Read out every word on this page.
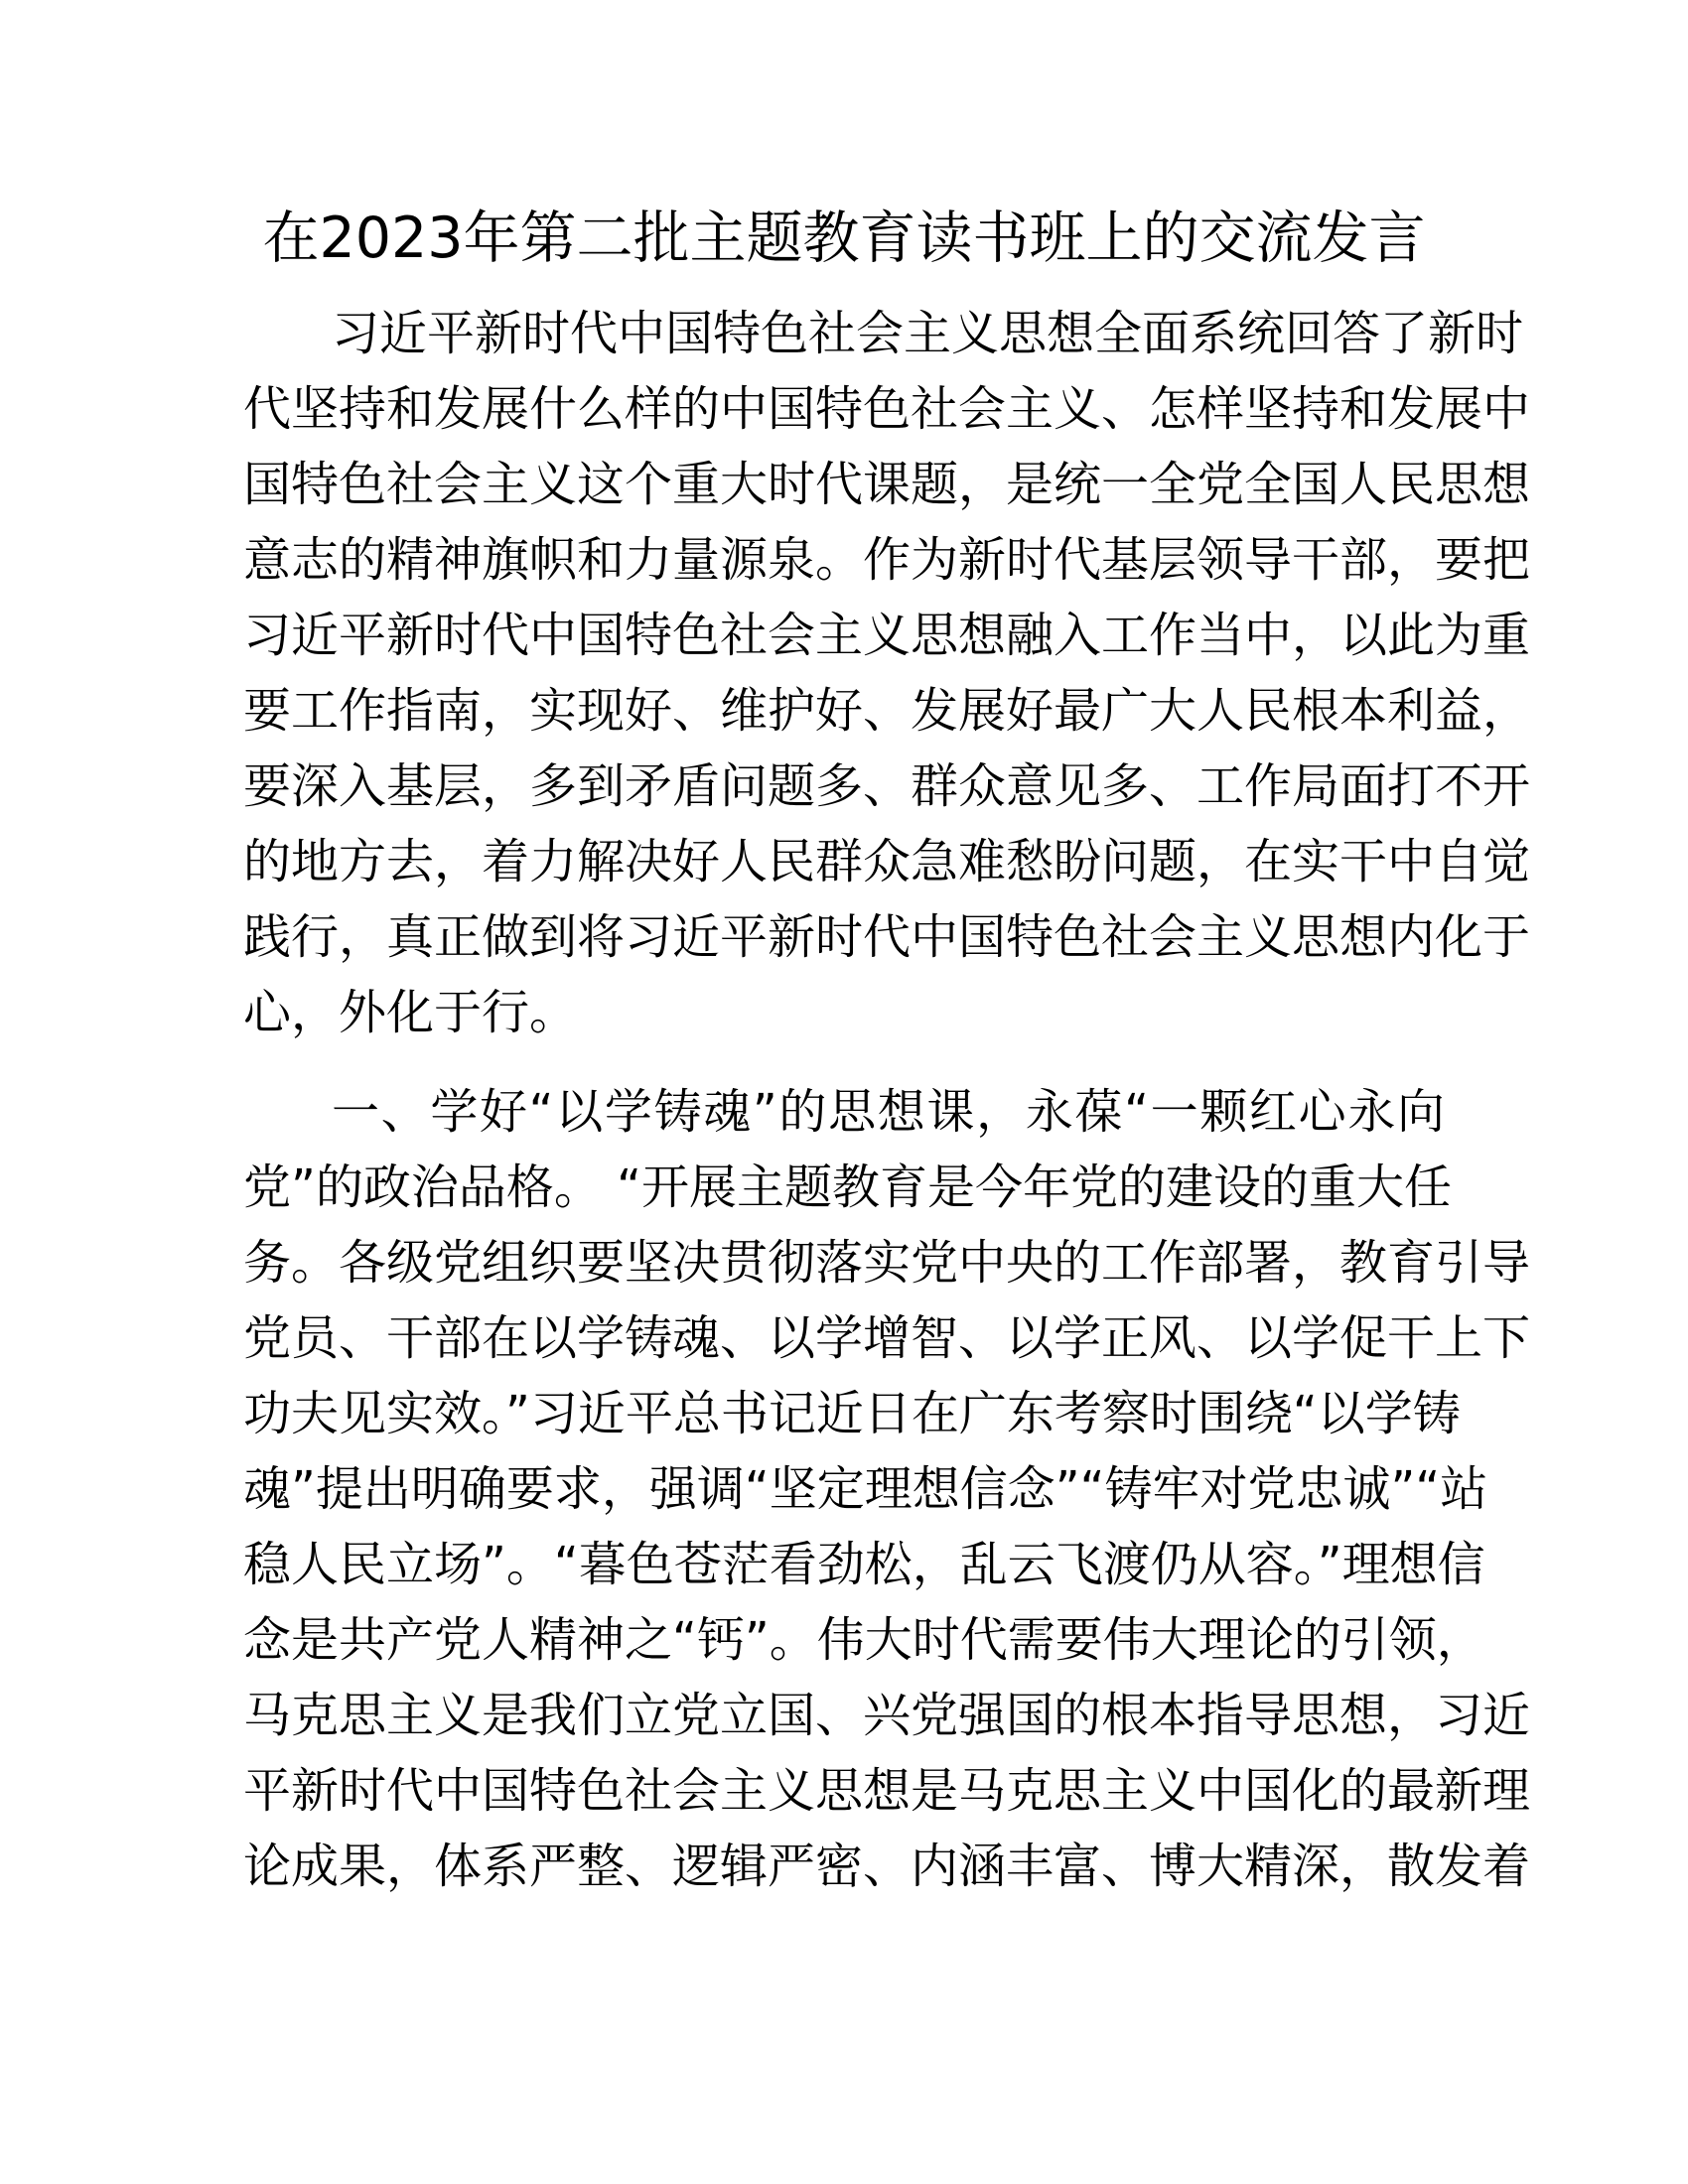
在2023年第二批主题教育读书班上的交流发言

习近平新时代中国特色社会主义思想全面系统回答了新时

代坚持和发展什么样的中国特色社会主义、怎样坚持和发展中

国特色社会主义这个重大时代课题，是统一全党全国人民思想

意志的精神旗帜和力量源泉。作为新时代基层领导干部，要把

习近平新时代中国特色社会主义思想融入工作当中，以此为重

要工作指南，实现好、维护好、发展好最广大人民根本利益，

要深入基层，多到矛盾问题多、群众意见多、工作局面打不开

的地方去，着力解决好人民群众急难愁盼问题，在实干中自觉

践行，真正做到将习近平新时代中国特色社会主义思想内化于

心，外化于行。

一、学好“以学铸魂”的思想课，永葆“一颗红心永向

党”的政治品格。 “开展主题教育是今年党的建设的重大任

务。各级党组织要坚决贯彻落实党中央的工作部署，教育引导

党员、干部在以学铸魂、以学增智、以学正风、以学促干上下

功夫见实效。”习近平总书记近日在广东考察时围绕“以学铸

魂”提出明确要求，强调“坚定理想信念”“铸牢对党忠诚”“站

稳人民立场”。“暮色苍茫看劲松，乱云飞渡仍从容。”理想信

念是共产党人精神之“钙”。伟大时代需要伟大理论的引领，

马克思主义是我们立党立国、兴党强国的根本指导思想，习近

平新时代中国特色社会主义思想是马克思主义中国化的最新理

论成果，体系严整、逻辑严密、内涵丰富、博大精深，散发着
